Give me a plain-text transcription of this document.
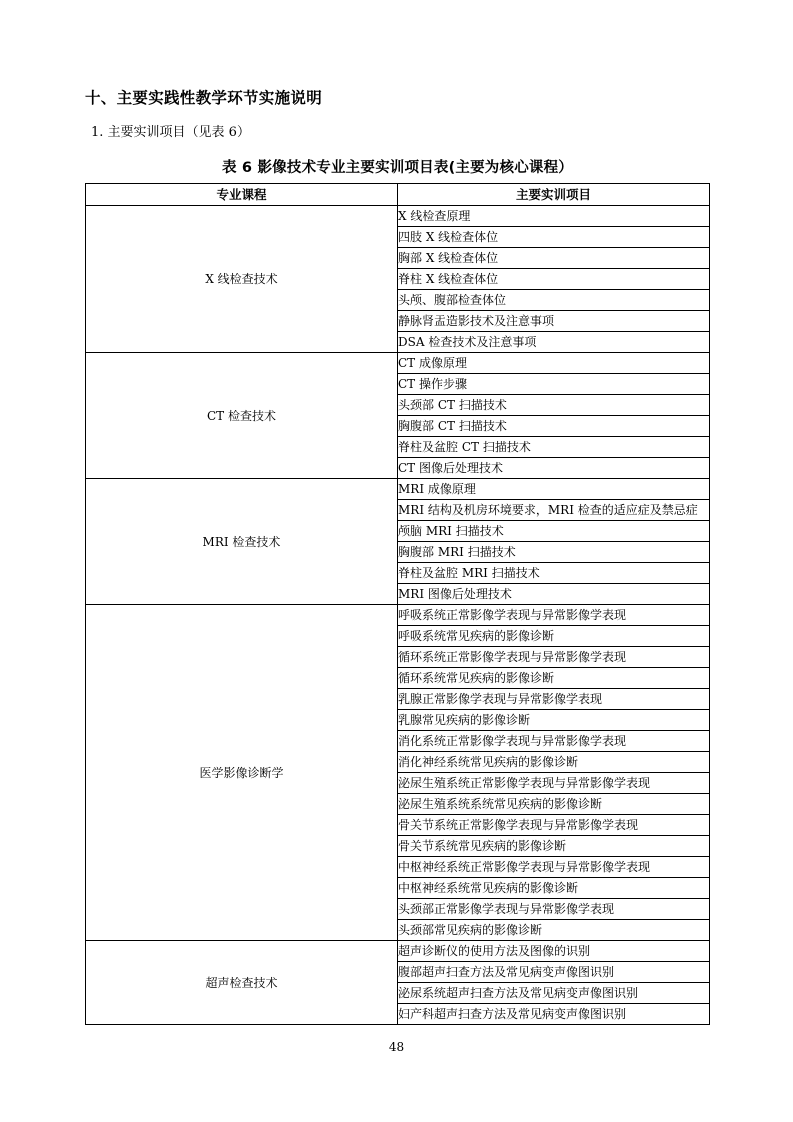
十、主要实践性教学环节实施说明

1. 主要实训项目（见表 6）

表 6 影像技术专业主要实训项目表(主要为核心课程）
专业课程	主要实训项目
X 线检查技术	X 线检查原理
	四肢 X 线检查体位
	胸部 X 线检查体位
	脊柱 X 线检查体位
	头颅、腹部检查体位
	静脉肾盂造影技术及注意事项
	DSA 检查技术及注意事项
CT 检查技术	CT 成像原理
	CT 操作步骤
	头颈部 CT 扫描技术
	胸腹部 CT 扫描技术
	脊柱及盆腔 CT 扫描技术
	CT 图像后处理技术
MRI 检查技术	MRI 成像原理
	MRI 结构及机房环境要求，MRI 检查的适应症及禁忌症
	颅脑 MRI 扫描技术
	胸腹部 MRI 扫描技术
	脊柱及盆腔 MRI 扫描技术
	MRI 图像后处理技术
医学影像诊断学	呼吸系统正常影像学表现与异常影像学表现
	呼吸系统常见疾病的影像诊断
	循环系统正常影像学表现与异常影像学表现
	循环系统常见疾病的影像诊断
	乳腺正常影像学表现与异常影像学表现
	乳腺常见疾病的影像诊断
	消化系统正常影像学表现与异常影像学表现
	消化神经系统常见疾病的影像诊断
	泌尿生殖系统正常影像学表现与异常影像学表现
	泌尿生殖系统系统常见疾病的影像诊断
	骨关节系统正常影像学表现与异常影像学表现
	骨关节系统常见疾病的影像诊断
	中枢神经系统正常影像学表现与异常影像学表现
	中枢神经系统常见疾病的影像诊断
	头颈部正常影像学表现与异常影像学表现
	头颈部常见疾病的影像诊断
超声检查技术	超声诊断仪的使用方法及图像的识别
	腹部超声扫查方法及常见病变声像图识别
	泌尿系统超声扫查方法及常见病变声像图识别
	妇产科超声扫查方法及常见病变声像图识别
48
